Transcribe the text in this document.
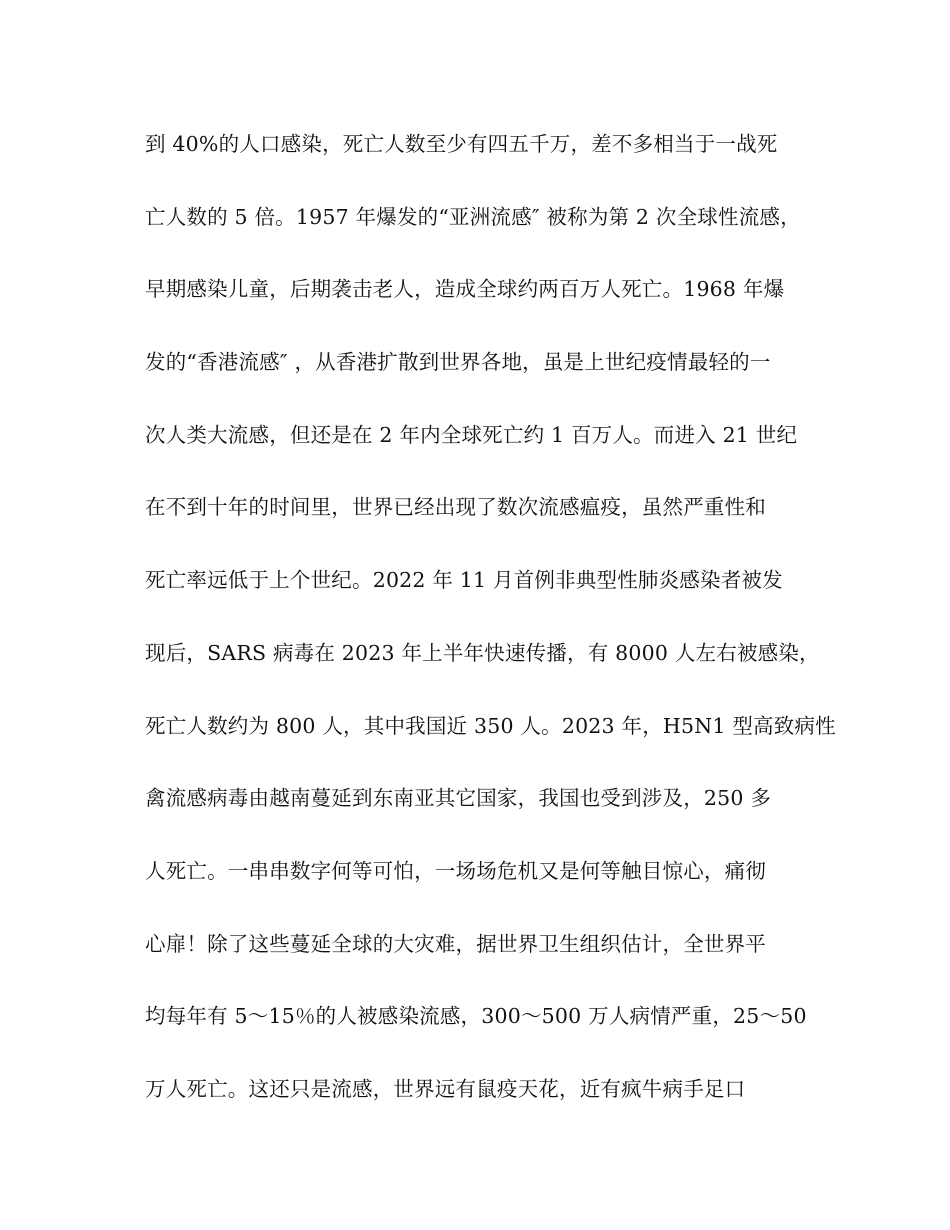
到 40%的人口感染，死亡人数至少有四五千万，差不多相当于一战死
亡人数的 5 倍。1957 年爆发的“亚洲流感″ 被称为第 2 次全球性流感，
早期感染儿童，后期袭击老人，造成全球约两百万人死亡。1968 年爆
发的“香港流感″ ，从香港扩散到世界各地，虽是上世纪疫情最轻的一
次人类大流感，但还是在 2 年内全球死亡约 1 百万人。而进入 21 世纪
在不到十年的时间里，世界已经出现了数次流感瘟疫，虽然严重性和
死亡率远低于上个世纪。2022 年 11 月首例非典型性肺炎感染者被发
现后，SARS 病毒在 2023 年上半年快速传播，有 8000 人左右被感染，
死亡人数约为 800 人，其中我国近 350 人。2023 年，H5N1 型高致病性
禽流感病毒由越南蔓延到东南亚其它国家，我国也受到涉及，250 多
人死亡。一串串数字何等可怕，一场场危机又是何等触目惊心，痛彻
心扉！除了这些蔓延全球的大灾难，据世界卫生组织估计，全世界平
均每年有 5～15％的人被感染流感，300～500 万人病情严重，25～50
万人死亡。这还只是流感，世界远有鼠疫天花，近有疯牛病手足口
